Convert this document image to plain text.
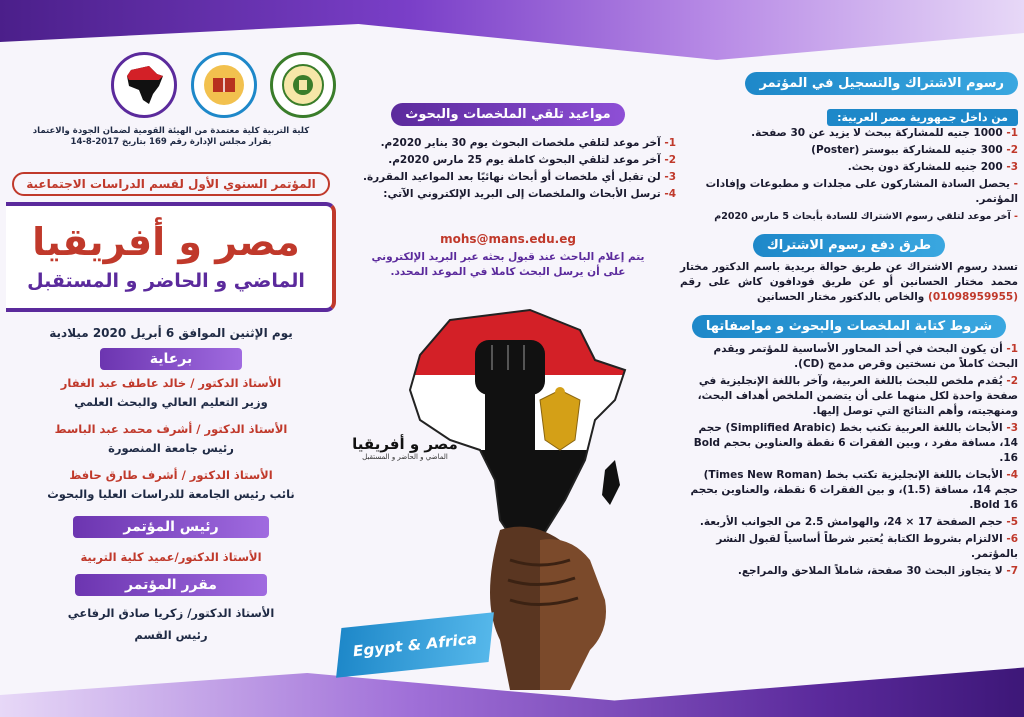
رسوم الاشتراك والتسجيل في المؤتمر
من داخل جمهورية مصر العربية:
1- 1000 جنيه للمشاركة ببحث لا يزيد عن 30 صفحة.
2- 300 جنيه للمشاركة ببوستر (Poster)
3- 200 جنيه للمشاركة دون بحث.
- يحصل السادة المشاركون على مجلدات و مطبوعات وإفادات المؤتمر.
- آخر موعد لتلقي رسوم الاشتراك للسادة بأبحاث 5 مارس 2020م
طرق دفع رسوم الاشتراك
تسدد رسوم الاشتراك عن طريق حوالة بريدية باسم الدكتور مختار محمد مختار الحسانين أو عن طريق فودافون كاش على رقم (01098959955) والخاص بالدكتور مختار الحسانين
شروط كتابة الملخصات والبحوث و مواصفاتها
1- أن يكون البحث في أحد المحاور الأساسية للمؤتمر ويقدم البحث كاملاً من نسختين وقرص مدمج (CD).
2- يُقدم ملخص للبحث باللغة العربية، وآخر باللغة الإنجليزية في صفحة واحدة لكل منهما على أن يتضمن الملخص أهداف البحث، ومنهجيته، وأهم النتائج التي توصل إليها.
3- الأبحاث باللغة العربية تكتب بخط (Simplified Arabic) حجم 14، مسافة مفرد ، وبين الفقرات 6 نقطة والعناوين بحجم Bold 16.
4- الأبحاث باللغة الإنجليزية تكتب بخط (Times New Roman) حجم 14، مسافة (1.5)، و بين الفقرات 6 نقطة، والعناوين بحجم Bold 16.
5- حجم الصفحة 17 × 24، والهوامش 2.5 من الجوانب الأربعة.
6- الالتزام بشروط الكتابة يُعتبر شرطاً أساسياً لقبول النشر بالمؤتمر.
7- لا يتجاوز البحث 30 صفحة، شاملاً الملاحق والمراجع.
مواعيد تلقي الملخصات والبحوث
1- آخر موعد لتلقي ملخصات البحوث يوم 30 يناير 2020م.
2- آخر موعد لتلقي البحوث كاملة يوم 25 مارس 2020م.
3- لن تقبل أي ملخصات أو أبحاث نهائيًا بعد المواعيد المقررة.
4- ترسل الأبحاث والملخصات إلى البريد الإلكتروني الآتي:
mohs@mans.edu.eg
يتم إعلام الباحث عند قبول بحثه عبر البريد الإلكتروني
على أن يرسل البحث كاملا في الموعد المحدد.
مصر و أفريقيا
الماضي و الحاضر و المستقبل
Egypt & Africa
كلية التربية كلية معتمدة من الهيئة القومية لضمان الجودة والاعتماد
بقرار مجلس الإدارة رقم 169 بتاريخ 2017-8-14
المؤتمر السنوي الأول لقسم الدراسات الاجتماعية
مصر و أفريقيا
الماضي و الحاضر و المستقبل
يوم الإثنين الموافق 6 أبريل 2020 ميلادية
برعاية
الأستاذ الدكتور / خالد عاطف عبد الغفار
وزير التعليم العالي والبحث العلمي
الأستاذ الدكتور / أشرف محمد عبد الباسط
رئيس جامعة المنصورة
الأستاذ الدكتور / أشرف طارق حافظ
نائب رئيس الجامعة للدراسات العليا والبحوث
رئيس المؤتمر
الأستاذ الدكتور/عميد كلية التربية
مقرر المؤتمر
الأستاذ الدكتور/ زكريا صادق الرفاعي
رئيس القسم
